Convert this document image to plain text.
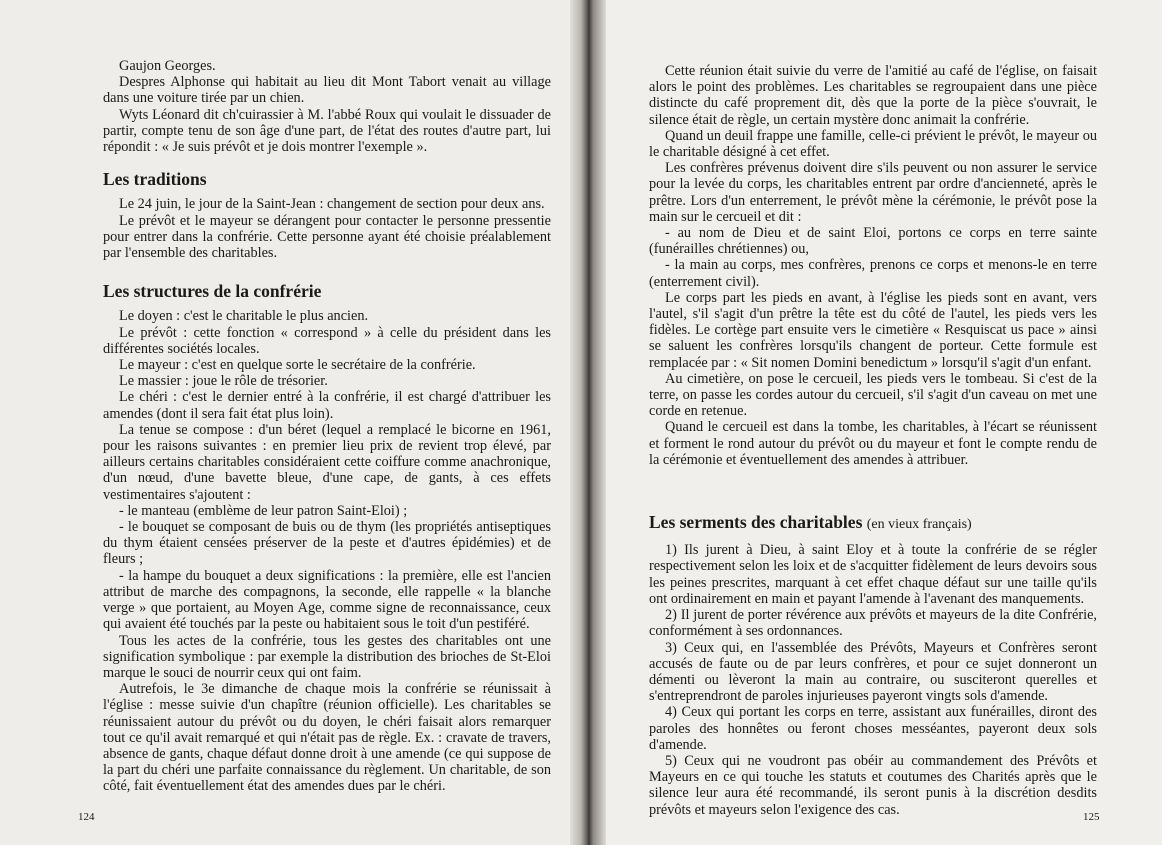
Gaujon Georges.

Despres Alphonse qui habitait au lieu dit Mont Tabort venait au village dans une voiture tirée par un chien.

Wyts Léonard dit ch'cuirassier à M. l'abbé Roux qui voulait le dissuader de partir, compte tenu de son âge d'une part, de l'état des routes d'autre part, lui répondit : « Je suis prévôt et je dois montrer l'exemple ».

Les traditions

Le 24 juin, le jour de la Saint-Jean : changement de section pour deux ans.

Le prévôt et le mayeur se dérangent pour contacter le personne pressentie pour entrer dans la confrérie. Cette personne ayant été choisie préalablement par l'ensemble des charitables.

Les structures de la confrérie

Le doyen : c'est le charitable le plus ancien.

Le prévôt : cette fonction « correspond » à celle du président dans les différentes sociétés locales.

Le mayeur : c'est en quelque sorte le secrétaire de la confrérie.

Le massier : joue le rôle de trésorier.

Le chéri : c'est le dernier entré à la confrérie, il est chargé d'attribuer les amendes (dont il sera fait état plus loin).

La tenue se compose : d'un béret (lequel a remplacé le bicorne en 1961, pour les raisons suivantes : en premier lieu prix de revient trop élevé, par ailleurs certains charitables considéraient cette coiffure comme anachronique, d'un nœud, d'une bavette bleue, d'une cape, de gants, à ces effets vestimentaires s'ajoutent :

- le manteau (emblème de leur patron Saint-Eloi) ;

- le bouquet se composant de buis ou de thym (les propriétés antiseptiques du thym étaient censées préserver de la peste et d'autres épidémies) et de fleurs ;

- la hampe du bouquet a deux significations : la première, elle est l'ancien attribut de marche des compagnons, la seconde, elle rappelle « la blanche verge » que portaient, au Moyen Age, comme signe de reconnaissance, ceux qui avaient été touchés par la peste ou habitaient sous le toit d'un pestiféré.

Tous les actes de la confrérie, tous les gestes des charitables ont une signification symbolique : par exemple la distribution des brioches de St-Eloi marque le souci de nourrir ceux qui ont faim.

Autrefois, le 3e dimanche de chaque mois la confrérie se réunissait à l'église : messe suivie d'un chapître (réunion officielle). Les charitables se réunissaient autour du prévôt ou du doyen, le chéri faisait alors remarquer tout ce qu'il avait remarqué et qui n'était pas de règle. Ex. : cravate de travers, absence de gants, chaque défaut donne droit à une amende (ce qui suppose de la part du chéri une parfaite connaissance du règlement. Un charitable, de son côté, fait éventuellement état des amendes dues par le chéri.

124

Cette réunion était suivie du verre de l'amitié au café de l'église, on faisait alors le point des problèmes. Les charitables se regroupaient dans une pièce distincte du café proprement dit, dès que la porte de la pièce s'ouvrait, le silence était de règle, un certain mystère donc animait la confrérie.

Quand un deuil frappe une famille, celle-ci prévient le prévôt, le mayeur ou le charitable désigné à cet effet.

Les confrères prévenus doivent dire s'ils peuvent ou non assurer le service pour la levée du corps, les charitables entrent par ordre d'ancienneté, après le prêtre. Lors d'un enterrement, le prévôt mène la cérémonie, le prévôt pose la main sur le cercueil et dit :

- au nom de Dieu et de saint Eloi, portons ce corps en terre sainte (funérailles chrétiennes) ou,

- la main au corps, mes confrères, prenons ce corps et menons-le en terre (enterrement civil).

Le corps part les pieds en avant, à l'église les pieds sont en avant, vers l'autel, s'il s'agit d'un prêtre la tête est du côté de l'autel, les pieds vers les fidèles. Le cortège part ensuite vers le cimetière « Resquiscat us pace » ainsi se saluent les confrères lorsqu'ils changent de porteur. Cette formule est remplacée par : « Sit nomen Domini benedictum » lorsqu'il s'agit d'un enfant.

Au cimetière, on pose le cercueil, les pieds vers le tombeau. Si c'est de la terre, on passe les cordes autour du cercueil, s'il s'agit d'un caveau on met une corde en retenue.

Quand le cercueil est dans la tombe, les charitables, à l'écart se réunissent et forment le rond autour du prévôt ou du mayeur et font le compte rendu de la cérémonie et éventuellement des amendes à attribuer.

Les serments des charitables (en vieux français)

1) Ils jurent à Dieu, à saint Eloy et à toute la confrérie de se régler respectivement selon les loix et de s'acquitter fidèlement de leurs devoirs sous les peines prescrites, marquant à cet effet chaque défaut sur une taille qu'ils ont ordinairement en main et payant l'amende à l'avenant des manquements.

2) Il jurent de porter révérence aux prévôts et mayeurs de la dite Confrérie, conformément à ses ordonnances.

3) Ceux qui, en l'assemblée des Prévôts, Mayeurs et Confrères seront accusés de faute ou de par leurs confrères, et pour ce sujet donneront un démenti ou lèveront la main au contraire, ou susciteront querelles et s'entreprendront de paroles injurieuses payeront vingts sols d'amende.

4) Ceux qui portant les corps en terre, assistant aux funérailles, diront des paroles des honnêtes ou feront choses messéantes, payeront deux sols d'amende.

5) Ceux qui ne voudront pas obéir au commandement des Prévôts et Mayeurs en ce qui touche les statuts et coutumes des Charités après que le silence leur aura été recommandé, ils seront punis à la discrétion desdits prévôts et mayeurs selon l'exigence des cas.	125
